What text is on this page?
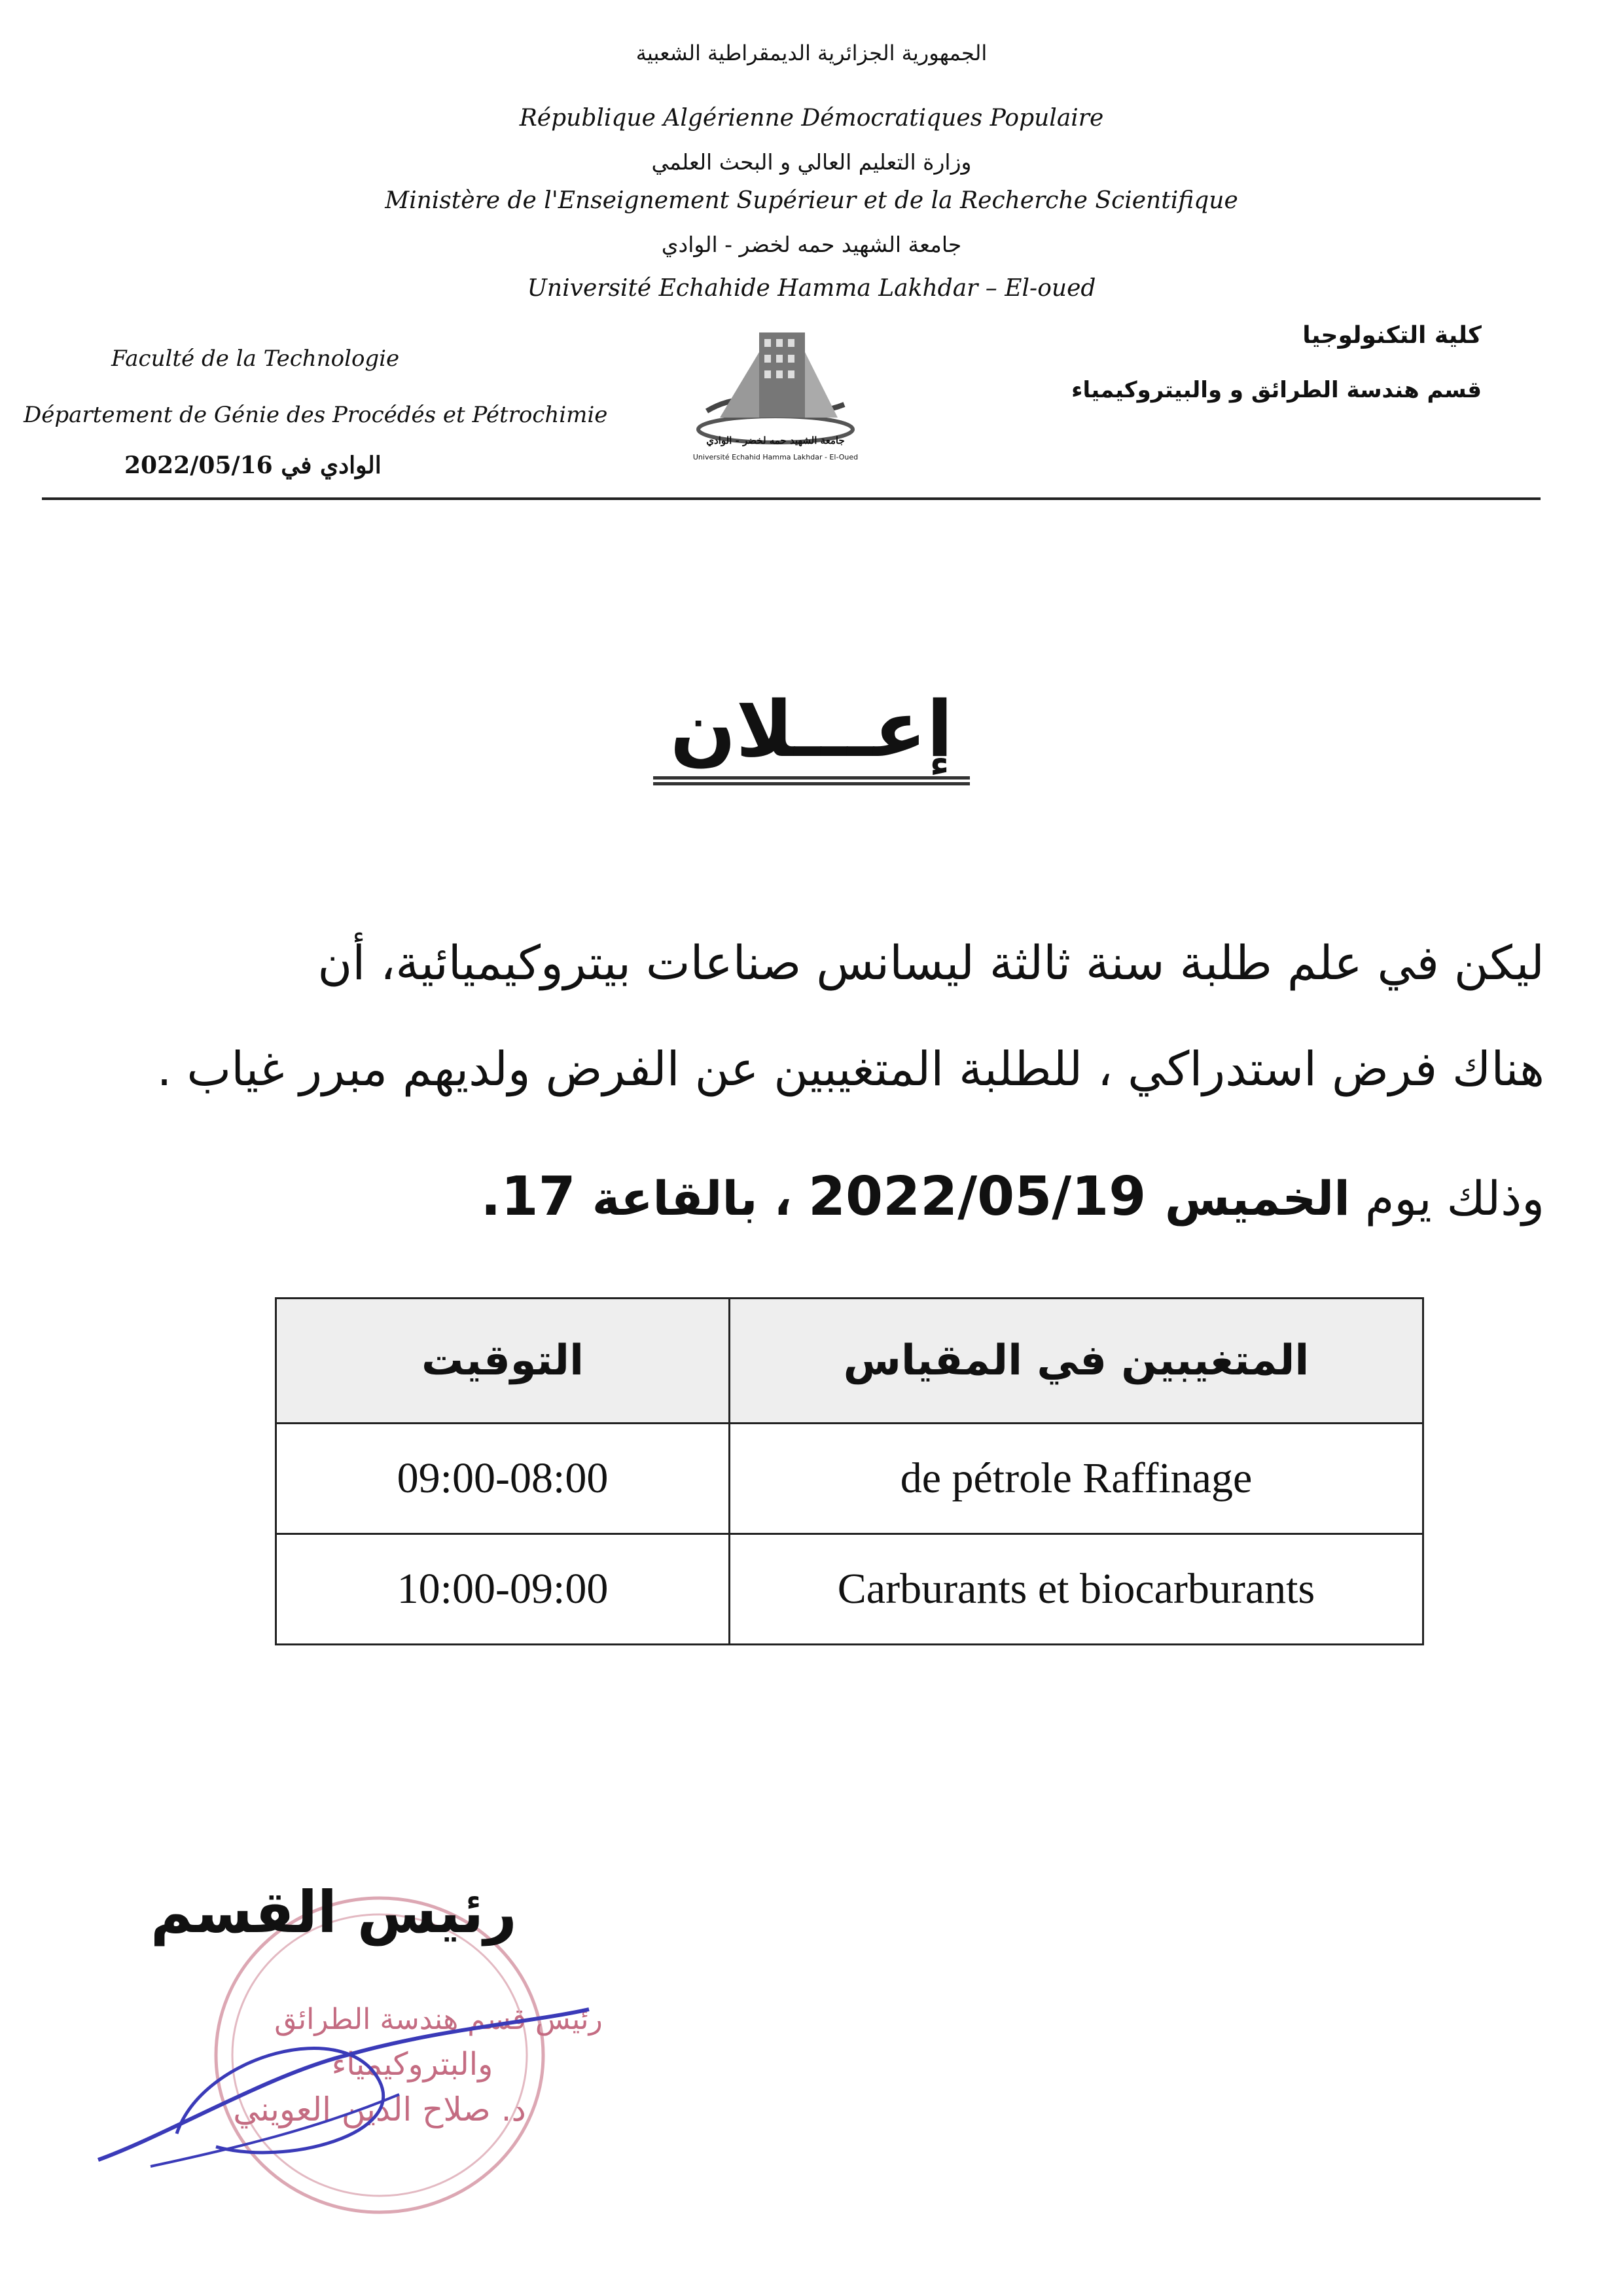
الجمهورية الجزائرية الديمقراطية الشعبية
République Algérienne Démocratiques Populaire
وزارة التعليم العالي و البحث العلمي
Ministère de l'Enseignement Supérieur et de la Recherche Scientifique
جامعة الشهيد حمه لخضر - الوادي
Université Echahide Hamma Lakhdar – El-oued
Faculté de la Technologie
Département de Génie des Procédés et Pétrochimie
الوادي في 2022/05/16
كلية التكنولوجيا
قسم هندسة الطرائق و والبيتروكيمياء
جامعة الشهيد حمه لخضر - الوادي
Université Echahid Hamma Lakhdar - El-Oued
إعـــلان
ليكن في علم طلبة سنة ثالثة ليسانس صناعات بيتروكيميائية، أن
هناك فرض استدراكي ، للطلبة المتغيبين عن الفرض ولديهم مبرر غياب .
وذلك يوم الخميس 2022/05/19 ، بالقاعة 17.
التوقيت	المتغيبين في المقياس
09:00-08:00	de pétrole Raffinage
10:00-09:00	Carburants et biocarburants
رئيس قسم هندسة الطرائق
والبتروكيمياء
د. صلاح الدين العويني
رئيس القسم
